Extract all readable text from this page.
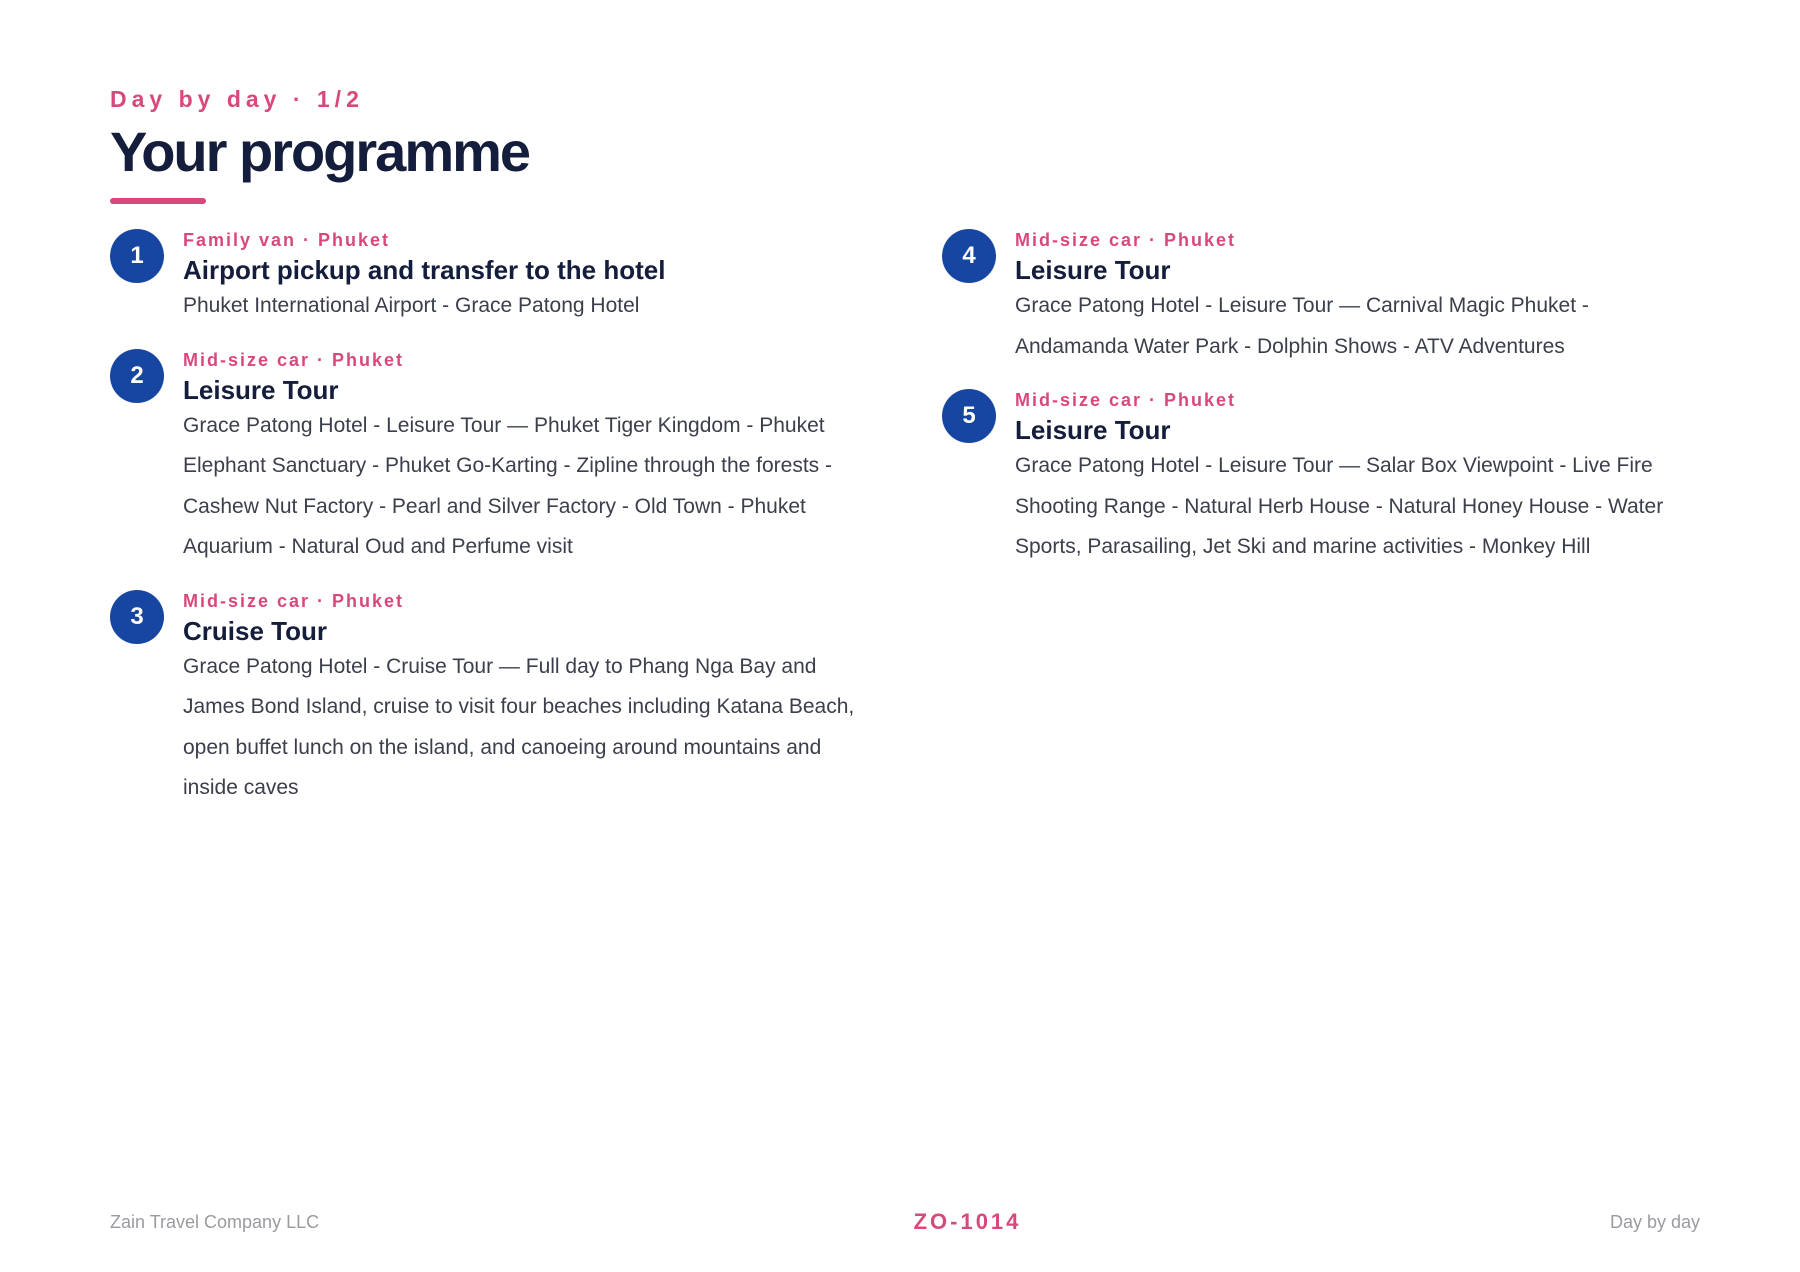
Day by day · 1/2
Your programme
1
Family van · Phuket
Airport pickup and transfer to the hotel
Phuket International Airport - Grace Patong Hotel
2
Mid-size car · Phuket
Leisure Tour
Grace Patong Hotel - Leisure Tour — Phuket Tiger Kingdom - Phuket Elephant Sanctuary - Phuket Go-Karting - Zipline through the forests - Cashew Nut Factory - Pearl and Silver Factory - Old Town - Phuket Aquarium - Natural Oud and Perfume visit
3
Mid-size car · Phuket
Cruise Tour
Grace Patong Hotel - Cruise Tour — Full day to Phang Nga Bay and James Bond Island, cruise to visit four beaches including Katana Beach, open buffet lunch on the island, and canoeing around mountains and inside caves
4
Mid-size car · Phuket
Leisure Tour
Grace Patong Hotel - Leisure Tour — Carnival Magic Phuket - Andamanda Water Park - Dolphin Shows - ATV Adventures
5
Mid-size car · Phuket
Leisure Tour
Grace Patong Hotel - Leisure Tour — Salar Box Viewpoint - Live Fire Shooting Range - Natural Herb House - Natural Honey House - Water Sports, Parasailing, Jet Ski and marine activities - Monkey Hill
Zain Travel Company LLC	ZO-1014	Day by day
